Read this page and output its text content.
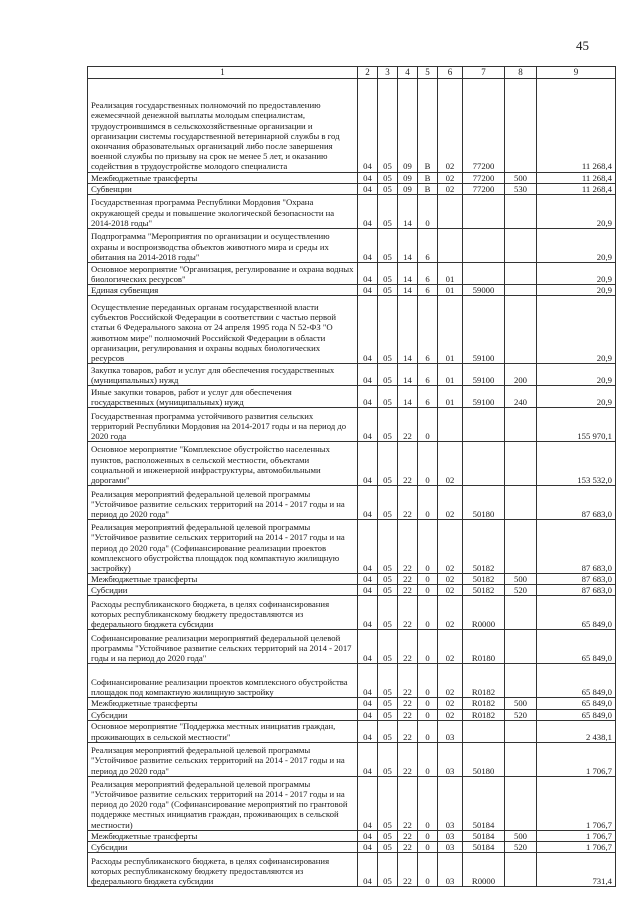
45
1	2	3	4	5	6	7	8	9
Реализация государственных полномочий по предоставлению ежемесячной денежной выплаты молодым специалистам, трудоустроившимся в сельскохозяйственные организации и организации системы государственной ветеринарной службы в год окончания образовательных организаций либо после завершения военной службы по призыву на срок не менее 5 лет, и оказанию содействия в трудоустройстве молодого специалиста	04	05	09	В	02	77200		11 268,4
Межбюджетные трансферты	04	05	09	В	02	77200	500	11 268,4
Субвенции	04	05	09	В	02	77200	530	11 268,4
Государственная программа Республики Мордовия "Охрана окружающей среды и повышение экологической безопасности на 2014-2018 годы"	04	05	14	0				20,9
Подпрограмма "Мероприятия по организации и осуществлению охраны и воспроизводства объектов животного мира и среды их обитания на 2014-2018 годы"	04	05	14	6				20,9
Основное мероприятие "Организация, регулирование и охрана водных биологических ресурсов"	04	05	14	6	01			20,9
Единая субвенция	04	05	14	6	01	59000		20,9
Осуществление переданных органам государственной власти субъектов Российской Федерации в соответствии с частью первой статьи 6 Федерального закона от 24 апреля 1995 года N 52-ФЗ "О животном мире" полномочий Российской Федерации в области организации, регулирования и охраны водных биологических ресурсов	04	05	14	6	01	59100		20,9
Закупка товаров, работ и услуг для обеспечения государственных (муниципальных) нужд	04	05	14	6	01	59100	200	20,9
Иные закупки товаров, работ и услуг для обеспечения государственных (муниципальных) нужд	04	05	14	6	01	59100	240	20,9
Государственная программа устойчивого развития сельских территорий Республики Мордовия на 2014-2017 годы и на период до 2020 года	04	05	22	0				155 970,1
Основное мероприятие "Комплексное обустройство населенных пунктов, расположенных в сельской местности, объектами социальной и инженерной инфраструктуры, автомобильными дорогами"	04	05	22	0	02			153 532,0
Реализация мероприятий федеральной целевой программы "Устойчивое развитие сельских территорий на 2014 - 2017 годы и на период до 2020 года"	04	05	22	0	02	50180		87 683,0
Реализация мероприятий федеральной целевой программы "Устойчивое развитие сельских территорий на 2014 - 2017 годы и на период до 2020 года" (Софинансирование реализации проектов комплексного обустройства площадок под компактную жилищную застройку)	04	05	22	0	02	50182		87 683,0
Межбюджетные трансферты	04	05	22	0	02	50182	500	87 683,0
Субсидии	04	05	22	0	02	50182	520	87 683,0
Расходы республиканского бюджета, в целях софинансирования которых республиканскому бюджету предоставляются из федерального бюджета субсидии	04	05	22	0	02	R0000		65 849,0
Софинансирование реализации мероприятий федеральной целевой программы "Устойчивое развитие сельских территорий на 2014 - 2017 годы и на период до 2020 года"	04	05	22	0	02	R0180		65 849,0
Софинансирование реализации проектов комплексного обустройства площадок под компактную жилищную застройку	04	05	22	0	02	R0182		65 849,0
Межбюджетные трансферты	04	05	22	0	02	R0182	500	65 849,0
Субсидии	04	05	22	0	02	R0182	520	65 849,0
Основное мероприятие "Поддержка местных инициатив граждан, проживающих в сельской местности"	04	05	22	0	03			2 438,1
Реализация мероприятий федеральной целевой программы "Устойчивое развитие сельских территорий на 2014 - 2017 годы и на период до 2020 года"	04	05	22	0	03	50180		1 706,7
Реализация мероприятий федеральной целевой программы "Устойчивое развитие сельских территорий на 2014 - 2017 годы и на период до 2020 года" (Софинансирование мероприятий по грантовой поддержке местных инициатив граждан, проживающих в сельской местности)	04	05	22	0	03	50184		1 706,7
Межбюджетные трансферты	04	05	22	0	03	50184	500	1 706,7
Субсидии	04	05	22	0	03	50184	520	1 706,7
Расходы республиканского бюджета, в целях софинансирования которых республиканскому бюджету предоставляются из федерального бюджета субсидии	04	05	22	0	03	R0000		731,4
